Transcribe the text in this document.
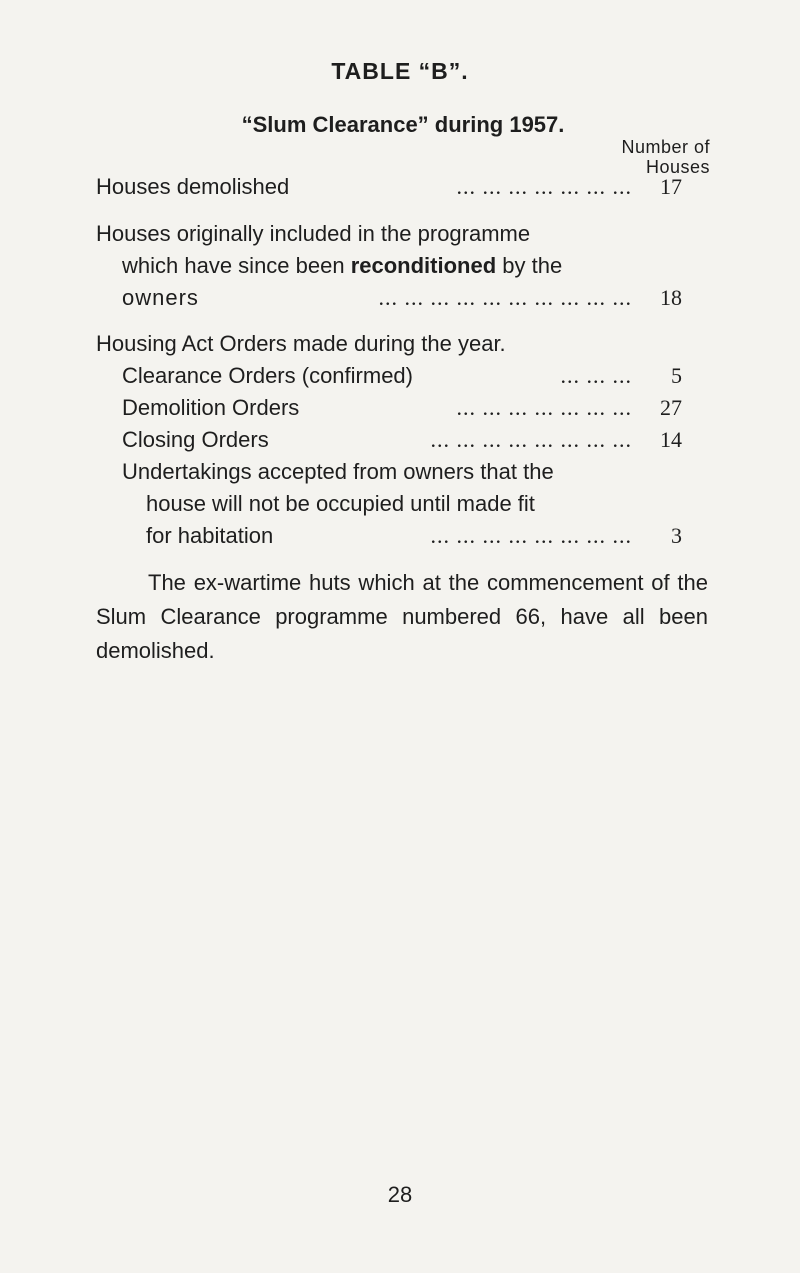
TABLE “B”.
“Slum Clearance” during 1957.
Number of
Houses
Houses demolished	... ... ... ... ... ... ...	17
Houses originally included in the programme
which have since been reconditioned by the
owners	... ... ... ... ... ... ... ... ... ...	18
Housing Act Orders made during the year.
Clearance Orders (confirmed)	... ... ...	5
Demolition Orders	... ... ... ... ... ... ...	27
Closing Orders	... ... ... ... ... ... ... ...	14
Undertakings accepted from owners that the
house will not be occupied until made fit
for habitation	... ... ... ... ... ... ... ...	3
The ex-wartime huts which at the commencement of the Slum Clearance programme numbered 66, have all been demolished.
28
